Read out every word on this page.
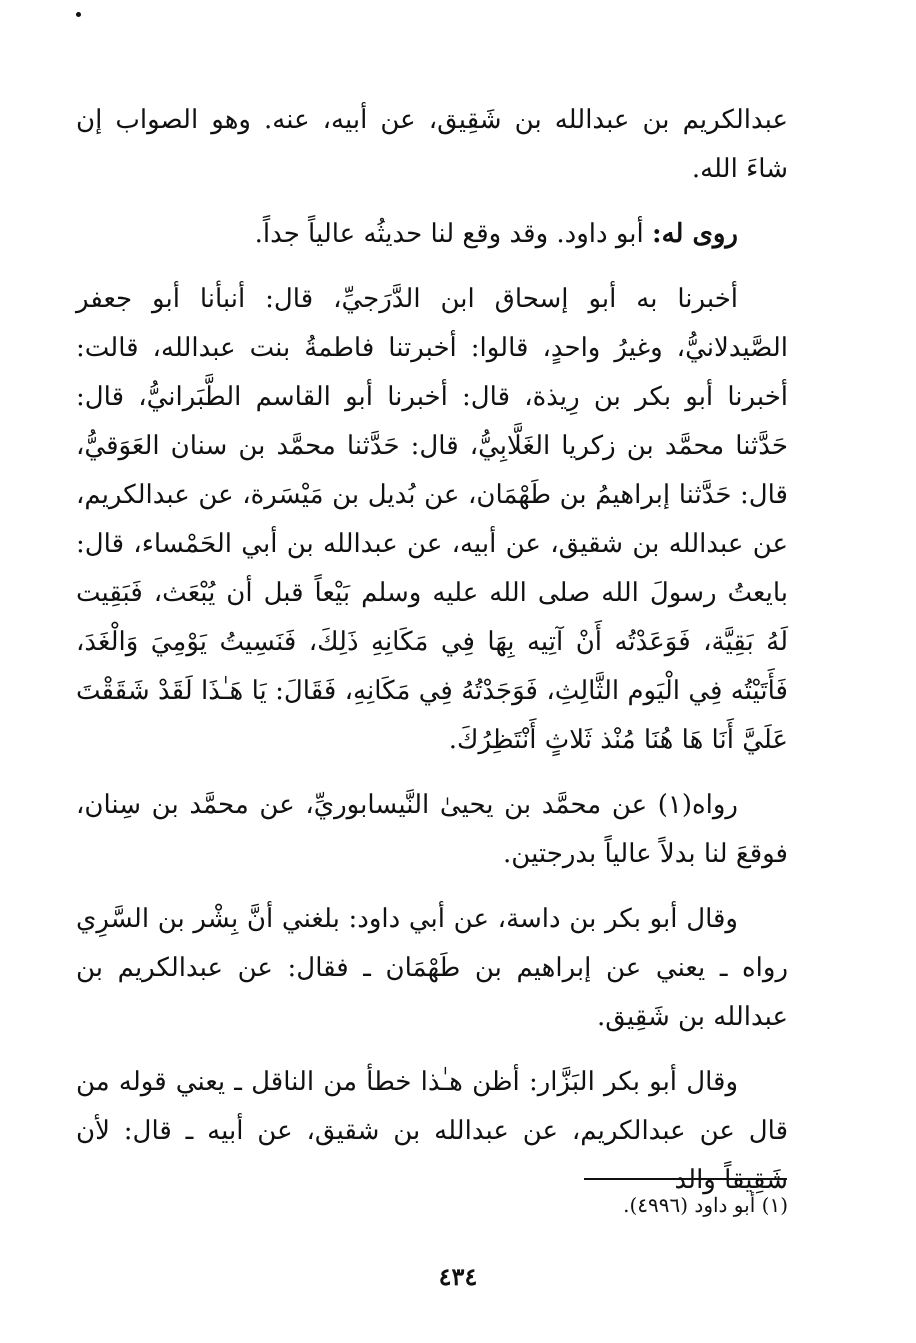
عبدالكريم بن عبدالله بن شَقِيق، عن أبيه، عنه. وهو الصواب إن شاءَ الله.

روى له: أبو داود. وقد وقع لنا حديثُه عالياً جداً.

أخبرنا به أبو إسحاق ابن الدَّرَجيِّ، قال: أنبأنا أبو جعفر الصَّيدلانيُّ، وغيرُ واحدٍ، قالوا: أخبرتنا فاطمةُ بنت عبدالله، قالت: أخبرنا أبو بكر بن رِيذة، قال: أخبرنا أبو القاسم الطَّبَرانيُّ، قال: حَدَّثنا محمَّد بن زكريا الغَلَّابِيُّ، قال: حَدَّثنا محمَّد بن سنان العَوَقيُّ، قال: حَدَّثنا إبراهيمُ بن طَهْمَان، عن بُديل بن مَيْسَرة، عن عبدالكريم، عن عبدالله بن شقيق، عن أبيه، عن عبدالله بن أبي الحَمْساء، قال: بايعتُ رسولَ الله صلى الله عليه وسلم بَيْعاً قبل أن يُبْعَث، فَبَقِيت لَهُ بَقِيَّة، فَوَعَدْتُه أَنْ آتِيه بِهَا فِي مَكَانِهِ ذَلِكَ، فَنَسِيتُ يَوْمِيَ وَالْغَدَ، فَأَتَيْتُه فِي الْيَوم الثَّالِثِ، فَوَجَدْتُهُ فِي مَكَانِهِ، فَقَالَ: يَا هَـٰذَا لَقَدْ شَقَقْتَ عَلَيَّ أَنَا هَا هُنَا مُنْذ ثَلاثٍ أَنْتَظِرُكَ.

رواه(١) عن محمَّد بن يحيىٰ النَّيسابوريِّ، عن محمَّد بن سِنان، فوقعَ لنا بدلاً عالياً بدرجتين.

وقال أبو بكر بن داسة، عن أبي داود: بلغني أنَّ بِشْر بن السَّرِي رواه ـ يعني عن إبراهيم بن طَهْمَان ـ فقال: عن عبدالكريم بن عبدالله بن شَقِيق.

وقال أبو بكر البَزَّار: أظن هـٰذا خطأ من الناقل ـ يعني قوله من قال عن عبدالكريم، عن عبدالله بن شقيق، عن أبيه ـ قال: لأن شَقِيقاً والد

(١) أبو داود (٤٩٩٦).
٤٣٤
